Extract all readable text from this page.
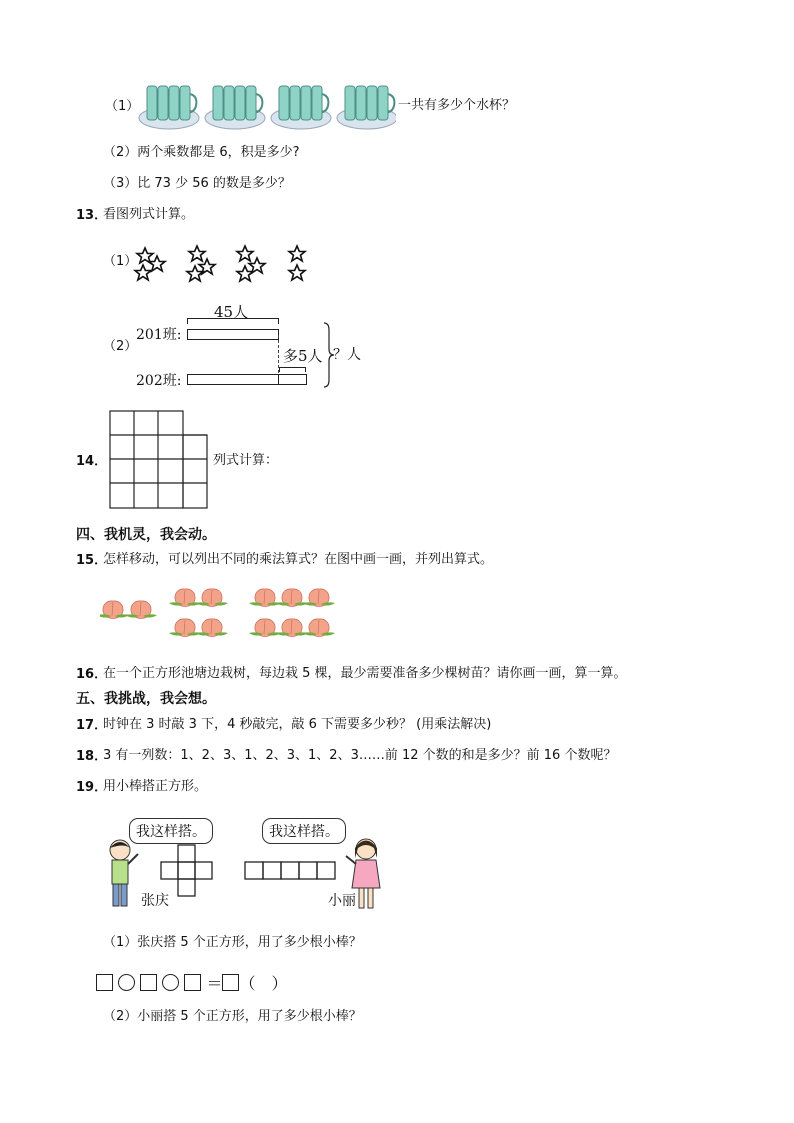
（1）	一共有多少个水杯？
（2）两个乘数都是 6，积是多少?
（3）比 73 少 56 的数是多少？
13．
看图列式计算。
（1）
（2）
201班:
202班:
45人
多5人 ？人
14．	列式计算：
四、我机灵，我会动。
15．
怎样移动，可以列出不同的乘法算式？在图中画一画，并列出算式。
16．
在一个正方形池塘边栽树，每边栽 5 棵，最少需要准备多少棵树苗？请你画一画，算一算。
五、我挑战，我会想。
17．
时钟在 3 时敲 3 下，4 秒敲完，敲 6 下需要多少秒？ (用乘法解决)
18．
3 有一列数：1、2、3、1、2、3、1、2、3……前 12 个数的和是多少？前 16 个数呢？
19．
用小棒搭正方形。
我这样搭。	我这样搭。
张庆	小丽
（1）张庆搭 5 个正方形，用了多少根小棒？
＝ （　）
（2）小丽搭 5 个正方形，用了多少根小棒？
